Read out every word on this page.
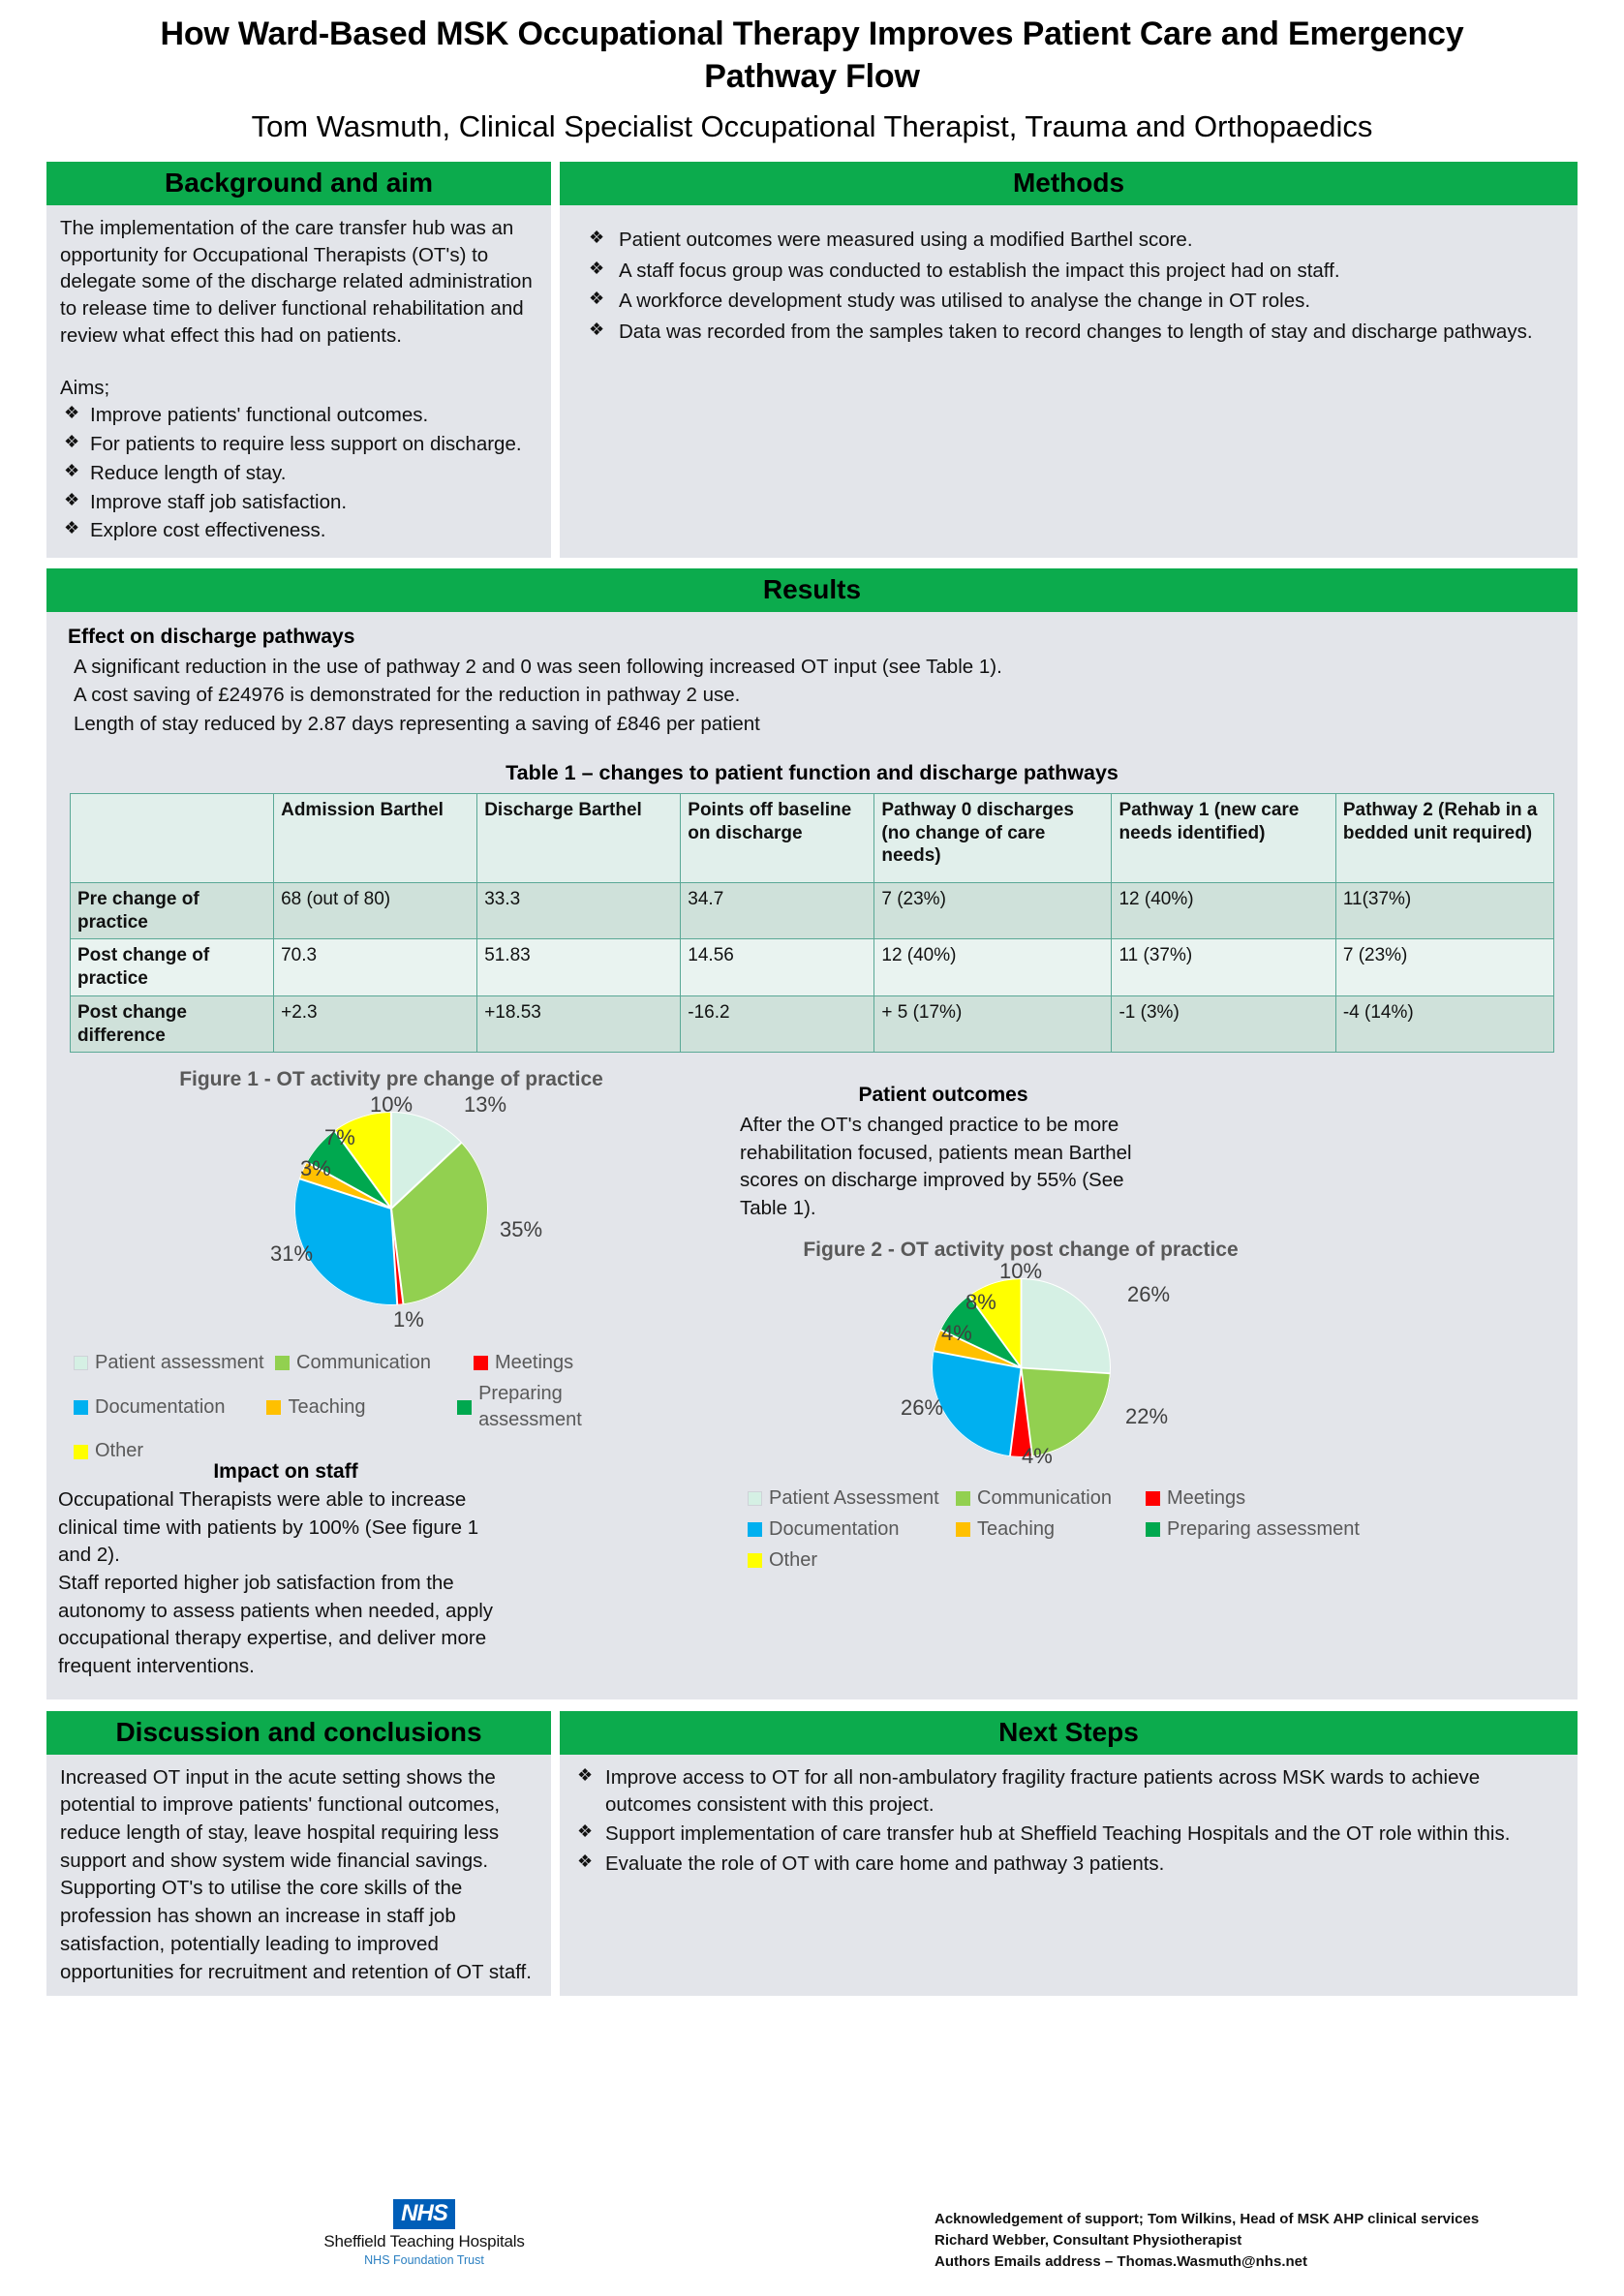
How Ward-Based MSK Occupational Therapy Improves Patient Care and Emergency Pathway Flow
Tom Wasmuth, Clinical Specialist Occupational Therapist, Trauma and Orthopaedics
Background and aim

The implementation of the care transfer hub was an opportunity for Occupational Therapists (OT's) to delegate some of the discharge related administration to release time to deliver functional rehabilitation and review what effect this had on patients.

Aims;
❖ Improve patients' functional outcomes.
❖ For patients to require less support on discharge.
❖ Reduce length of stay.
❖ Improve staff job satisfaction.
❖ Explore cost effectiveness.
Methods
❖ Patient outcomes were measured using a modified Barthel score.
❖ A staff focus group was conducted to establish the impact this project had on staff.
❖ A workforce development study was utilised to analyse the change in OT roles.
❖ Data was recorded from the samples taken to record changes to length of stay and discharge pathways.
Results
Effect on discharge pathways
A significant reduction in the use of pathway 2 and 0 was seen following increased OT input (see Table 1).
A cost saving of £24976 is demonstrated for the reduction in pathway 2 use.
Length of stay reduced by 2.87 days representing a saving of £846 per patient
Table 1 – changes to patient function and discharge pathways
	Admission Barthel	Discharge Barthel	Points off baseline on discharge	Pathway 0 discharges (no change of care needs)	Pathway 1 (new care needs identified)	Pathway 2 (Rehab in a bedded unit required)
Pre change of practice	68 (out of 80)	33.3	34.7	7 (23%)	12 (40%)	11(37%)
Post change of practice	70.3	51.83	14.56	12 (40%)	11 (37%)	7 (23%)
Post change difference	+2.3	+18.53	-16.2	+ 5 (17%)	-1 (3%)	-4 (14%)
Figure 1 - OT activity pre change of practice
10% 13%
7%
3%
35%
31%
1%
Patient assessment Communication	Meetings
Documentation	Teaching
Preparing assessment
Other
Patient outcomes
After the OT's changed practice to be more rehabilitation focused, patients mean Barthel scores on discharge improved by 55% (See Table 1).
Figure 2 - OT activity post change of practice
10%
26%
8%
4%
22%
26%
4%
Patient Assessment Communication	Meetings
Documentation	Teaching	Preparing assessment
Other
Impact on staff
Occupational Therapists were able to increase clinical time with patients by 100% (See figure 1 and 2).
Staff reported higher job satisfaction from the autonomy to assess patients when needed, apply occupational therapy expertise, and deliver more frequent interventions.
Discussion and conclusions
Increased OT input in the acute setting shows the potential to improve patients' functional outcomes, reduce length of stay, leave hospital requiring less support and show system wide financial savings.
Supporting OT's to utilise the core skills of the profession has shown an increase in staff job satisfaction, potentially leading to improved opportunities for recruitment and retention of OT staff.
Next Steps
❖ Improve access to OT for all non-ambulatory fragility fracture patients across MSK wards to achieve outcomes consistent with this project.
❖ Support implementation of care transfer hub at Sheffield Teaching Hospitals and the OT role within this.
❖ Evaluate the role of OT with care home and pathway 3 patients.
NHS
Sheffield Teaching Hospitals
NHS Foundation Trust
Acknowledgement of support; Tom Wilkins, Head of MSK AHP clinical services
Richard Webber, Consultant Physiotherapist
Authors Emails address – Thomas.Wasmuth@nhs.net
